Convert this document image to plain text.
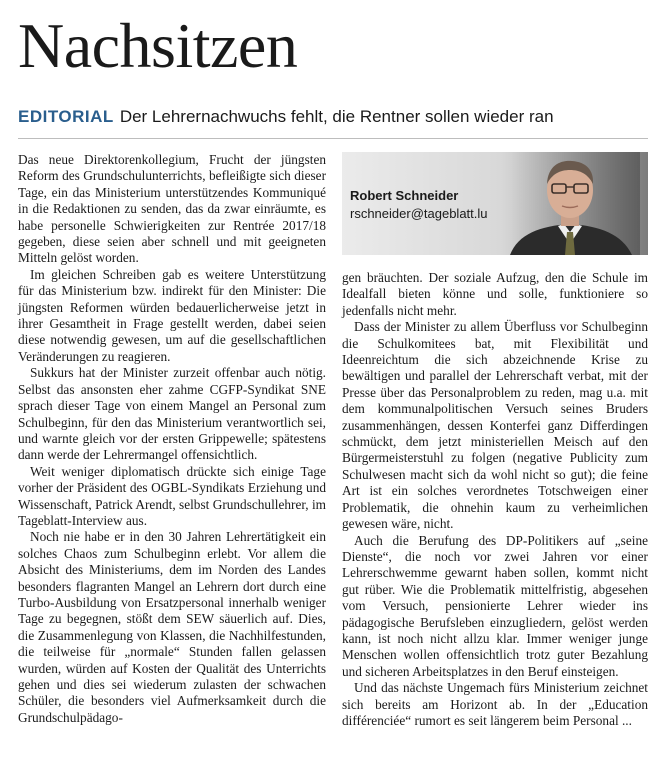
Nachsitzen
EDITORIAL Der Lehrernachwuchs fehlt, die Rentner sollen wieder ran
Robert Schneider
rschneider@tageblatt.lu

Das neue Direktorenkollegium, Frucht der jüngsten Reform des Grundschulunterrichts, befleißigte sich dieser Tage, ein das Ministerium unterstützendes Kommuniqué in die Redaktionen zu senden, das da zwar einräumte, es habe personelle Schwierigkeiten zur Rentrée 2017/18 gegeben, diese seien aber schnell und mit geeigneten Mitteln gelöst worden.

Im gleichen Schreiben gab es weitere Unterstützung für das Ministerium bzw. indirekt für den Minister: Die jüngsten Reformen würden bedauerlicherweise jetzt in ihrer Gesamtheit in Frage gestellt werden, dabei seien diese notwendig gewesen, um auf die gesellschaftlichen Veränderungen zu reagieren.

Sukkurs hat der Minister zurzeit offenbar auch nötig. Selbst das ansonsten eher zahme CGFP-Syndikat SNE sprach dieser Tage von einem Mangel an Personal zum Schulbeginn, für den das Ministerium verantwortlich sei, und warnte gleich vor der ersten Grippewelle; spätestens dann werde der Lehrermangel offensichtlich.

Weit weniger diplomatisch drückte sich einige Tage vorher der Präsident des OGBL-Syndikats Erziehung und Wissenschaft, Patrick Arendt, selbst Grundschullehrer, im Tageblatt-Interview aus.

Noch nie habe er in den 30 Jahren Lehrertätigkeit ein solches Chaos zum Schulbeginn erlebt. Vor allem die Absicht des Ministeriums, dem im Norden des Landes besonders flagranten Mangel an Lehrern dort durch eine Turbo-Ausbildung von Ersatzpersonal innerhalb weniger Tage zu begegnen, stößt dem SEW säuerlich auf. Dies, die Zusammenlegung von Klassen, die Nachhilfestunden, die teilweise für „normale“ Stunden fallen gelassen wurden, würden auf Kosten der Qualität des Unterrichts gehen und dies sei wiederum zulasten der schwachen Schüler, die besonders viel Aufmerksamkeit durch die Grundschulpädago-

gen bräuchten. Der soziale Aufzug, den die Schule im Idealfall bieten könne und solle, funktioniere so jedenfalls nicht mehr.

Dass der Minister zu allem Überfluss vor Schulbeginn die Schulkomitees bat, mit Flexibilität und Ideenreichtum die sich abzeichnende Krise zu bewältigen und parallel der Lehrerschaft verbat, mit der Presse über das Personalproblem zu reden, mag u.a. mit dem kommunalpolitischen Versuch seines Bruders zusammenhängen, dessen Konterfei ganz Differdingen schmückt, dem jetzt ministeriellen Meisch auf den Bürgermeisterstuhl zu folgen (negative Publicity zum Schulwesen macht sich da wohl nicht so gut); die feine Art ist ein solches verordnetes Totschweigen einer Problematik, die ohnehin kaum zu verheimlichen gewesen wäre, nicht.

Auch die Berufung des DP-Politikers auf „seine Dienste“, die noch vor zwei Jahren vor einer Lehrerschwemme gewarnt haben sollen, kommt nicht gut rüber. Wie die Problematik mittelfristig, abgesehen vom Versuch, pensionierte Lehrer wieder ins pädagogische Berufsleben einzugliedern, gelöst werden kann, ist noch nicht allzu klar. Immer weniger junge Menschen wollen offensichtlich trotz guter Bezahlung und sicheren Arbeitsplatzes in den Beruf einsteigen.

Und das nächste Ungemach fürs Ministerium zeichnet sich bereits am Horizont ab. In der „Education différenciée“ rumort es seit längerem beim Personal ...
